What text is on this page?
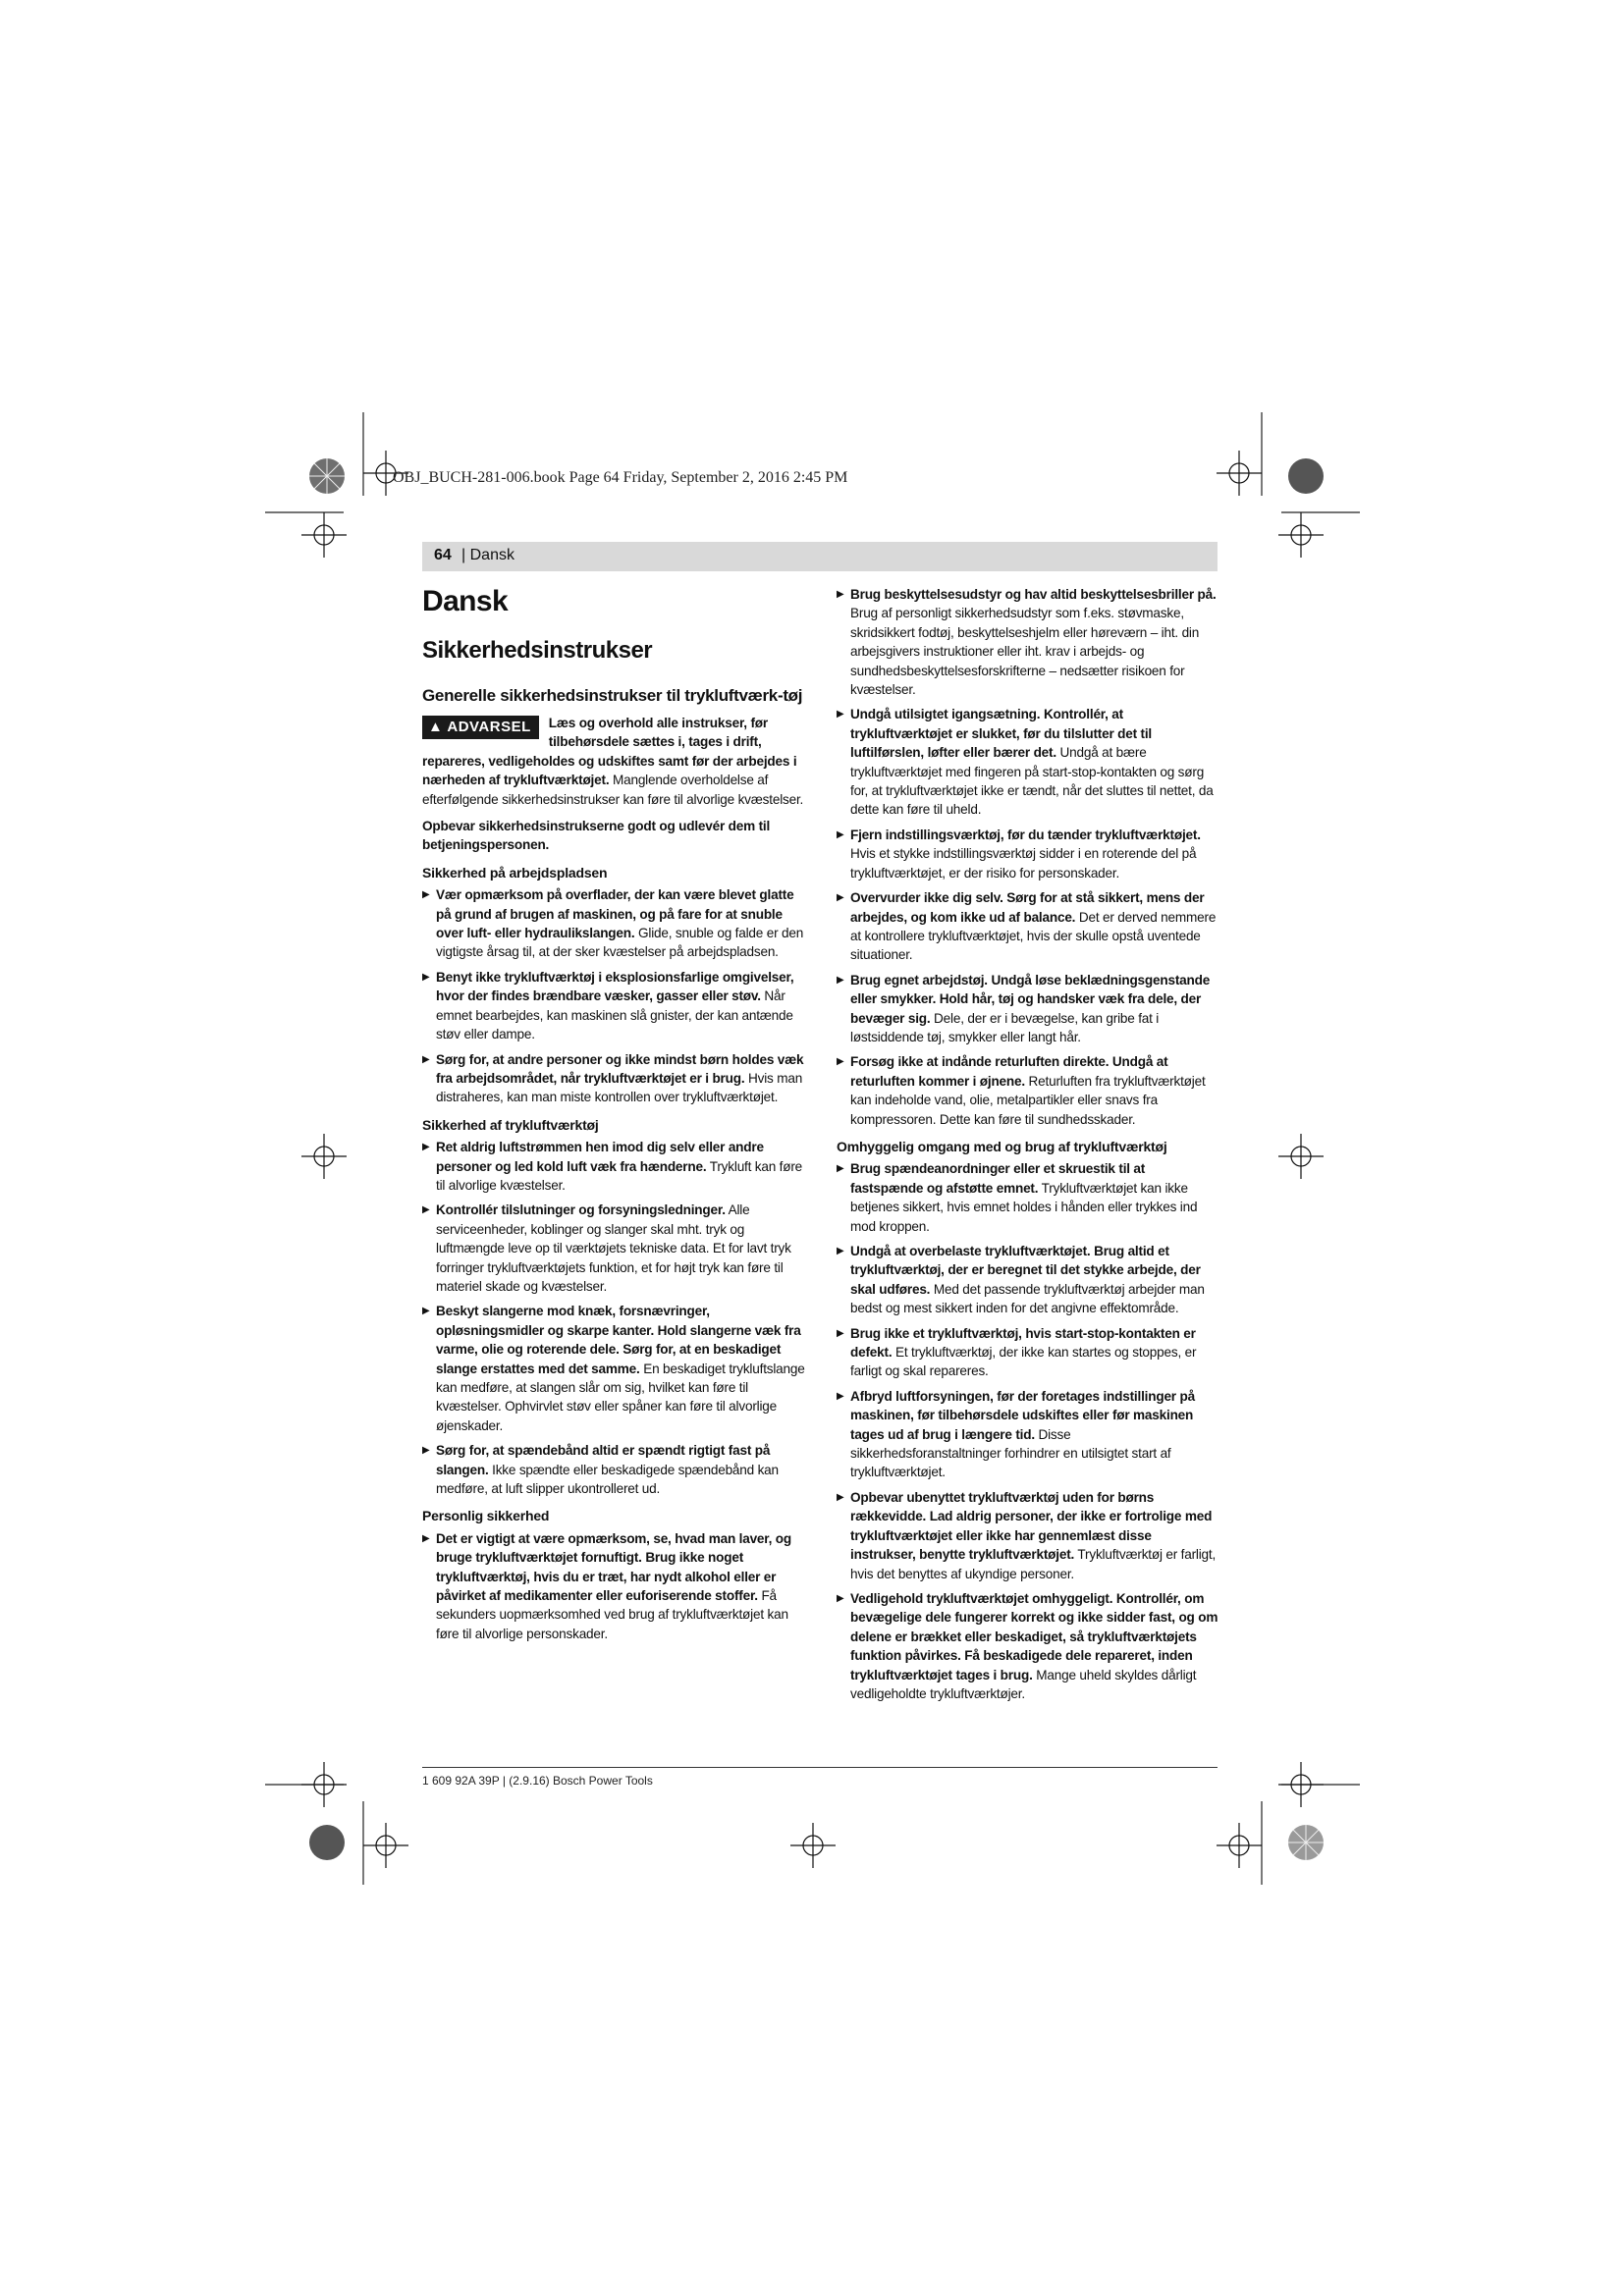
OBJ_BUCH-281-006.book Page 64 Friday, September 2, 2016 2:45 PM
64 | Dansk
Dansk
Sikkerhedsinstrukser
Generelle sikkerhedsinstrukser til trykluftværk-tøj
▲ ADVARSEL	Læs og overhold alle instrukser, før tilbehørsdele sættes i, tages i drift, repareres, vedligeholdes og udskiftes samt før der arbejdes i nærheden af trykluftværktøjet. Manglende overholdelse af efterfølgende sikkerhedsinstrukser kan føre til alvorlige kvæstelser.
Opbevar sikkerhedsinstrukserne godt og udlevér dem til betjeningspersonen.
Sikkerhed på arbejdspladsen
▶ Vær opmærksom på overflader, der kan være blevet glatte på grund af brugen af maskinen, og på fare for at snuble over luft- eller hydraulikslangen. Glide, snuble og falde er den vigtigste årsag til, at der sker kvæstelser på arbejdspladsen.
▶ Benyt ikke trykluftværktøj i eksplosionsfarlige omgivelser, hvor der findes brændbare væsker, gasser eller støv. Når emnet bearbejdes, kan maskinen slå gnister, der kan antænde støv eller dampe.
▶ Sørg for, at andre personer og ikke mindst børn holdes væk fra arbejdsområdet, når trykluftværktøjet er i brug. Hvis man distraheres, kan man miste kontrollen over trykluftværktøjet.
Sikkerhed af trykluftværktøj
▶ Ret aldrig luftstrømmen hen imod dig selv eller andre personer og led kold luft væk fra hænderne. Trykluft kan føre til alvorlige kvæstelser.
▶ Kontrollér tilslutninger og forsyningsledninger. Alle serviceenheder, koblinger og slanger skal mht. tryk og luftmængde leve op til værktøjets tekniske data. Et for lavt tryk forringer trykluftværktøjets funktion, et for højt tryk kan føre til materiel skade og kvæstelser.
▶ Beskyt slangerne mod knæk, forsnævringer, opløsningsmidler og skarpe kanter. Hold slangerne væk fra varme, olie og roterende dele. Sørg for, at en beskadiget slange erstattes med det samme. En beskadiget trykluftslange kan medføre, at slangen slår om sig, hvilket kan føre til kvæstelser. Ophvirvlet støv eller spåner kan føre til alvorlige øjenskader.
▶ Sørg for, at spændebånd altid er spændt rigtigt fast på slangen. Ikke spændte eller beskadigede spændebånd kan medføre, at luft slipper ukontrolleret ud.
Personlig sikkerhed
▶ Det er vigtigt at være opmærksom, se, hvad man laver, og bruge trykluftværktøjet fornuftigt. Brug ikke noget trykluftværktøj, hvis du er træt, har nydt alkohol eller er påvirket af medikamenter eller euforiserende stoffer. Få sekunders uopmærksomhed ved brug af trykluftværktøjet kan føre til alvorlige personskader.
▶ Brug beskyttelsesudstyr og hav altid beskyttelsesbriller på. Brug af personligt sikkerhedsudstyr som f.eks. støvmaske, skridsikkert fodtøj, beskyttelseshjelm eller høreværn – iht. din arbejsgivers instruktioner eller iht. krav i arbejds- og sundhedsbeskyttelsesforskrifterne – nedsætter risikoen for kvæstelser.
▶ Undgå utilsigtet igangsætning. Kontrollér, at trykluftværktøjet er slukket, før du tilslutter det til luftilførslen, løfter eller bærer det. Undgå at bære trykluftværktøjet med fingeren på start-stop-kontakten og sørg for, at trykluftværktøjet ikke er tændt, når det sluttes til nettet, da dette kan føre til uheld.
▶ Fjern indstillingsværktøj, før du tænder trykluftværktøjet. Hvis et stykke indstillingsværktøj sidder i en roterende del på trykluftværktøjet, er der risiko for personskader.
▶ Overvurder ikke dig selv. Sørg for at stå sikkert, mens der arbejdes, og kom ikke ud af balance. Det er derved nemmere at kontrollere trykluftværktøjet, hvis der skulle opstå uventede situationer.
▶ Brug egnet arbejdstøj. Undgå løse beklædningsgenstande eller smykker. Hold hår, tøj og handsker væk fra dele, der bevæger sig. Dele, der er i bevægelse, kan gribe fat i løstsiddende tøj, smykker eller langt hår.
▶ Forsøg ikke at indånde returluften direkte. Undgå at returluften kommer i øjnene. Returluften fra trykluftværktøjet kan indeholde vand, olie, metalpartikler eller snavs fra kompressoren. Dette kan føre til sundhedsskader.
Omhyggelig omgang med og brug af trykluftværktøj
▶ Brug spændeanordninger eller et skruestik til at fastspænde og afstøtte emnet. Trykluftværktøjet kan ikke betjenes sikkert, hvis emnet holdes i hånden eller trykkes ind mod kroppen.
▶ Undgå at overbelaste trykluftværktøjet. Brug altid et trykluftværktøj, der er beregnet til det stykke arbejde, der skal udføres. Med det passende trykluftværktøj arbejder man bedst og mest sikkert inden for det angivne effektområde.
▶ Brug ikke et trykluftværktøj, hvis start-stop-kontakten er defekt. Et trykluftværktøj, der ikke kan startes og stoppes, er farligt og skal repareres.
▶ Afbryd luftforsyningen, før der foretages indstillinger på maskinen, før tilbehørsdele udskiftes eller før maskinen tages ud af brug i længere tid. Disse sikkerhedsforanstaltninger forhindrer en utilsigtet start af trykluftværktøjet.
▶ Opbevar ubenyttet trykluftværktøj uden for børns rækkevidde. Lad aldrig personer, der ikke er fortrolige med trykluftværktøjet eller ikke har gennemlæst disse instrukser, benytte trykluftværktøjet. Trykluftværktøj er farligt, hvis det benyttes af ukyndige personer.
▶ Vedligehold trykluftværktøjet omhyggeligt. Kontrollér, om bevægelige dele fungerer korrekt og ikke sidder fast, og om delene er brækket eller beskadiget, så trykluftværktøjets funktion påvirkes. Få beskadigede dele repareret, inden trykluftværktøjet tages i brug. Mange uheld skyldes dårligt vedligeholdte trykluftværktøjer.
1 609 92A 39P | (2.9.16) Bosch Power Tools
